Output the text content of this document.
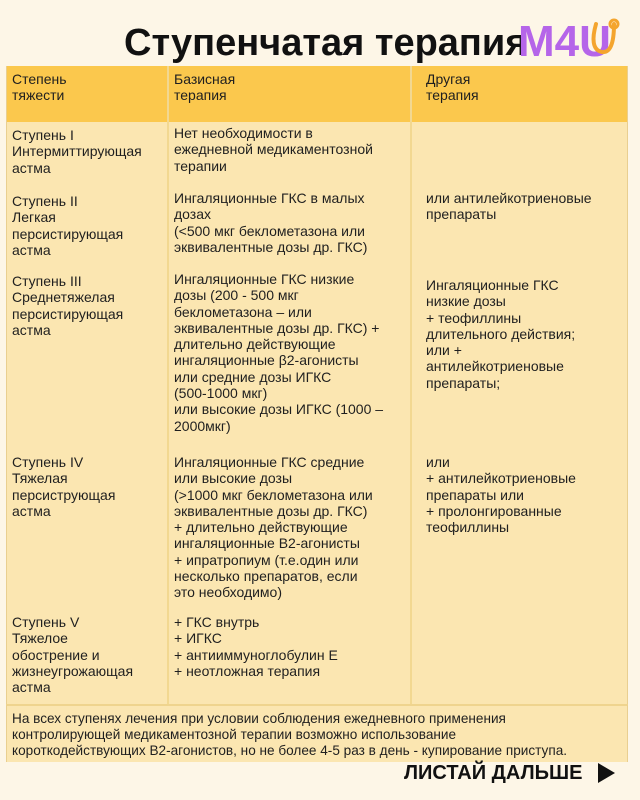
Ступенчатая терапия
M4U
Степень
тяжести
Базисная
терапия
Другая
терапия
Ступень I
Интермиттирующая
астма
Нет необходимости в
ежедневной медикаментозной
терапии
Ступень II
Легкая
персистирующая
астма
Ингаляционные ГКС в малых
дозах
(<500 мкг беклометазона или
эквивалентные дозы др. ГКС)
или антилейкотриеновые
препараты
Ступень III
Среднетяжелая
персистирующая
астма
Ингаляционные ГКС низкие
дозы (200 - 500 мкг
беклометазона – или
эквивалентные дозы др. ГКС) +
длительно действующие
ингаляционные β2-агонисты
или средние дозы ИГКС
(500-1000 мкг)
или высокие дозы ИГКС (1000 –
2000мкг)
Ингаляционные ГКС
низкие дозы
+ теофиллины
длительного действия;
или +
антилейкотриеновые
препараты;
Ступень IV
Тяжелая
персиструющая
астма
Ингаляционные ГКС средние
или высокие дозы
(>1000 мкг беклометазона или
эквивалентные дозы др. ГКС)
+ длительно действующие
ингаляционные B2-агонисты
+ ипратропиум (т.е.один или
несколько препаратов, если
это необходимо)
или
+ антилейкотриеновые
препараты или
+ пролонгированные
теофиллины
Ступень V
Тяжелое
обострение и
жизнеугрожающая
астма
+ ГКС внутрь
+ ИГКС
+ антииммуноглобулин Е
+ неотложная терапия
На всех ступенях лечения при условии соблюдения ежедневного применения
контролирующей медикаментозной терапии возможно использование
короткодействующих В2-агонистов, но не более 4-5 раз в день - купирование приступа.
ЛИСТАЙ ДАЛЬШЕ
